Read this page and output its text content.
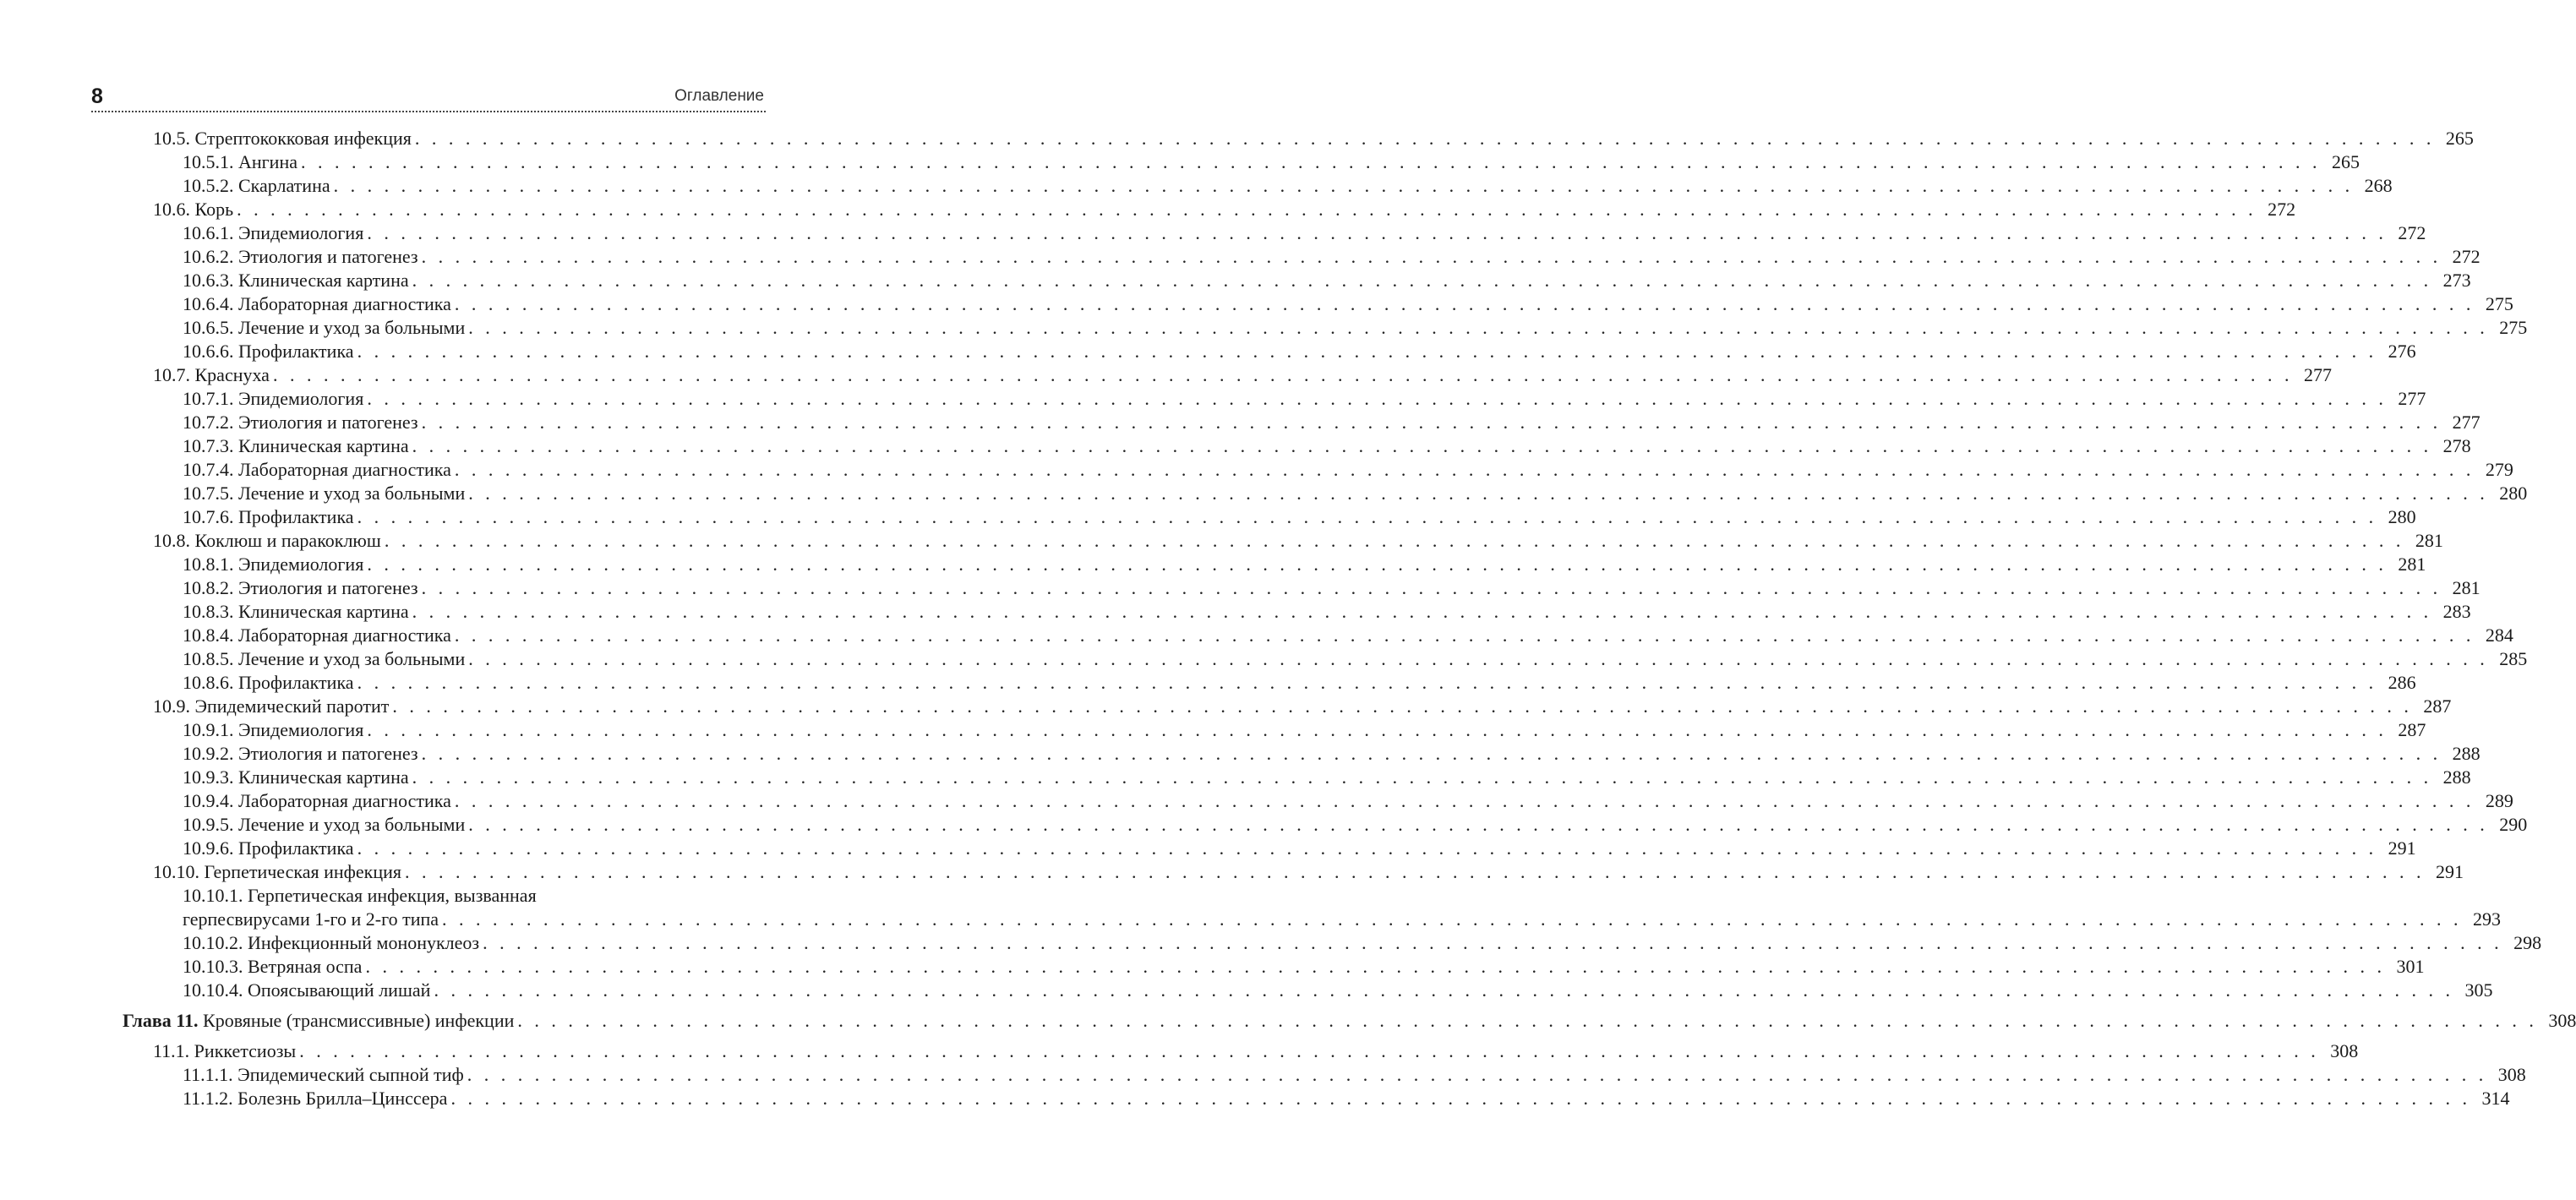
8	Оглавление
10.5. Стрептококковая инфекция . . . . . . . . . . . . . . . . . . . . . . . . . . . . . . . . . . . . . . . . . . . . . . . . . . . . . . . . . . . . . . . . . . . . . . . . . . . . . . . . . . . . . . . . . . . . . . . . . . . . . . . . . . . . . . . . . . . . . . . . 265
10.5.1. Ангина . . . . . . . . . . . . . . . . . . . . . . . . . . . . . . . . . . . . . . . . . . . . . . . . . . . . . . . . . . . . . . . . . . . . . . . . . . . . . . . . . . . . . . . . . . . . . . . . . . . . . . . . . . . . . . . . . . . . . . . . 265
10.5.2. Скарлатина . . . . . . . . . . . . . . . . . . . . . . . . . . . . . . . . . . . . . . . . . . . . . . . . . . . . . . . . . . . . . . . . . . . . . . . . . . . . . . . . . . . . . . . . . . . . . . . . . . . . . . . . . . . . . . . . . . . . . . . . 268
10.6. Корь . . . . . . . . . . . . . . . . . . . . . . . . . . . . . . . . . . . . . . . . . . . . . . . . . . . . . . . . . . . . . . . . . . . . . . . . . . . . . . . . . . . . . . . . . . . . . . . . . . . . . . . . . . . . . . . . . . . . . . . . 272
10.6.1. Эпидемиология . . . . . . . . . . . . . . . . . . . . . . . . . . . . . . . . . . . . . . . . . . . . . . . . . . . . . . . . . . . . . . . . . . . . . . . . . . . . . . . . . . . . . . . . . . . . . . . . . . . . . . . . . . . . . . . . . . . . . . . . 272
10.6.2. Этиология и патогенез . . . . . . . . . . . . . . . . . . . . . . . . . . . . . . . . . . . . . . . . . . . . . . . . . . . . . . . . . . . . . . . . . . . . . . . . . . . . . . . . . . . . . . . . . . . . . . . . . . . . . . . . . . . . . . . . . . . . . . . . 272
10.6.3. Клиническая картина . . . . . . . . . . . . . . . . . . . . . . . . . . . . . . . . . . . . . . . . . . . . . . . . . . . . . . . . . . . . . . . . . . . . . . . . . . . . . . . . . . . . . . . . . . . . . . . . . . . . . . . . . . . . . . . . . . . . . . . . 273
10.6.4. Лабораторная диагностика . . . . . . . . . . . . . . . . . . . . . . . . . . . . . . . . . . . . . . . . . . . . . . . . . . . . . . . . . . . . . . . . . . . . . . . . . . . . . . . . . . . . . . . . . . . . . . . . . . . . . . . . . . . . . . . . . . . . . . . . 275
10.6.5. Лечение и уход за больными . . . . . . . . . . . . . . . . . . . . . . . . . . . . . . . . . . . . . . . . . . . . . . . . . . . . . . . . . . . . . . . . . . . . . . . . . . . . . . . . . . . . . . . . . . . . . . . . . . . . . . . . . . . . . . . . . . . . . . . . 275
10.6.6. Профилактика . . . . . . . . . . . . . . . . . . . . . . . . . . . . . . . . . . . . . . . . . . . . . . . . . . . . . . . . . . . . . . . . . . . . . . . . . . . . . . . . . . . . . . . . . . . . . . . . . . . . . . . . . . . . . . . . . . . . . . . . 276
10.7. Краснуха . . . . . . . . . . . . . . . . . . . . . . . . . . . . . . . . . . . . . . . . . . . . . . . . . . . . . . . . . . . . . . . . . . . . . . . . . . . . . . . . . . . . . . . . . . . . . . . . . . . . . . . . . . . . . . . . . . . . . . . . 277
10.7.1. Эпидемиология . . . . . . . . . . . . . . . . . . . . . . . . . . . . . . . . . . . . . . . . . . . . . . . . . . . . . . . . . . . . . . . . . . . . . . . . . . . . . . . . . . . . . . . . . . . . . . . . . . . . . . . . . . . . . . . . . . . . . . . . 277
10.7.2. Этиология и патогенез . . . . . . . . . . . . . . . . . . . . . . . . . . . . . . . . . . . . . . . . . . . . . . . . . . . . . . . . . . . . . . . . . . . . . . . . . . . . . . . . . . . . . . . . . . . . . . . . . . . . . . . . . . . . . . . . . . . . . . . . 277
10.7.3. Клиническая картина . . . . . . . . . . . . . . . . . . . . . . . . . . . . . . . . . . . . . . . . . . . . . . . . . . . . . . . . . . . . . . . . . . . . . . . . . . . . . . . . . . . . . . . . . . . . . . . . . . . . . . . . . . . . . . . . . . . . . . . . 278
10.7.4. Лабораторная диагностика . . . . . . . . . . . . . . . . . . . . . . . . . . . . . . . . . . . . . . . . . . . . . . . . . . . . . . . . . . . . . . . . . . . . . . . . . . . . . . . . . . . . . . . . . . . . . . . . . . . . . . . . . . . . . . . . . . . . . . . . 279
10.7.5. Лечение и уход за больными . . . . . . . . . . . . . . . . . . . . . . . . . . . . . . . . . . . . . . . . . . . . . . . . . . . . . . . . . . . . . . . . . . . . . . . . . . . . . . . . . . . . . . . . . . . . . . . . . . . . . . . . . . . . . . . . . . . . . . . . 280
10.7.6. Профилактика . . . . . . . . . . . . . . . . . . . . . . . . . . . . . . . . . . . . . . . . . . . . . . . . . . . . . . . . . . . . . . . . . . . . . . . . . . . . . . . . . . . . . . . . . . . . . . . . . . . . . . . . . . . . . . . . . . . . . . . . 280
10.8. Коклюш и паракоклюш . . . . . . . . . . . . . . . . . . . . . . . . . . . . . . . . . . . . . . . . . . . . . . . . . . . . . . . . . . . . . . . . . . . . . . . . . . . . . . . . . . . . . . . . . . . . . . . . . . . . . . . . . . . . . . . . . . . . . . . . 281
10.8.1. Эпидемиология . . . . . . . . . . . . . . . . . . . . . . . . . . . . . . . . . . . . . . . . . . . . . . . . . . . . . . . . . . . . . . . . . . . . . . . . . . . . . . . . . . . . . . . . . . . . . . . . . . . . . . . . . . . . . . . . . . . . . . . . 281
10.8.2. Этиология и патогенез . . . . . . . . . . . . . . . . . . . . . . . . . . . . . . . . . . . . . . . . . . . . . . . . . . . . . . . . . . . . . . . . . . . . . . . . . . . . . . . . . . . . . . . . . . . . . . . . . . . . . . . . . . . . . . . . . . . . . . . . 281
10.8.3. Клиническая картина . . . . . . . . . . . . . . . . . . . . . . . . . . . . . . . . . . . . . . . . . . . . . . . . . . . . . . . . . . . . . . . . . . . . . . . . . . . . . . . . . . . . . . . . . . . . . . . . . . . . . . . . . . . . . . . . . . . . . . . . 283
10.8.4. Лабораторная диагностика . . . . . . . . . . . . . . . . . . . . . . . . . . . . . . . . . . . . . . . . . . . . . . . . . . . . . . . . . . . . . . . . . . . . . . . . . . . . . . . . . . . . . . . . . . . . . . . . . . . . . . . . . . . . . . . . . . . . . . . . 284
10.8.5. Лечение и уход за больными . . . . . . . . . . . . . . . . . . . . . . . . . . . . . . . . . . . . . . . . . . . . . . . . . . . . . . . . . . . . . . . . . . . . . . . . . . . . . . . . . . . . . . . . . . . . . . . . . . . . . . . . . . . . . . . . . . . . . . . . 285
10.8.6. Профилактика . . . . . . . . . . . . . . . . . . . . . . . . . . . . . . . . . . . . . . . . . . . . . . . . . . . . . . . . . . . . . . . . . . . . . . . . . . . . . . . . . . . . . . . . . . . . . . . . . . . . . . . . . . . . . . . . . . . . . . . . 286
10.9. Эпидемический паротит . . . . . . . . . . . . . . . . . . . . . . . . . . . . . . . . . . . . . . . . . . . . . . . . . . . . . . . . . . . . . . . . . . . . . . . . . . . . . . . . . . . . . . . . . . . . . . . . . . . . . . . . . . . . . . . . . . . . . . . . 287
10.9.1. Эпидемиология . . . . . . . . . . . . . . . . . . . . . . . . . . . . . . . . . . . . . . . . . . . . . . . . . . . . . . . . . . . . . . . . . . . . . . . . . . . . . . . . . . . . . . . . . . . . . . . . . . . . . . . . . . . . . . . . . . . . . . . . 287
10.9.2. Этиология и патогенез . . . . . . . . . . . . . . . . . . . . . . . . . . . . . . . . . . . . . . . . . . . . . . . . . . . . . . . . . . . . . . . . . . . . . . . . . . . . . . . . . . . . . . . . . . . . . . . . . . . . . . . . . . . . . . . . . . . . . . . . 288
10.9.3. Клиническая картина . . . . . . . . . . . . . . . . . . . . . . . . . . . . . . . . . . . . . . . . . . . . . . . . . . . . . . . . . . . . . . . . . . . . . . . . . . . . . . . . . . . . . . . . . . . . . . . . . . . . . . . . . . . . . . . . . . . . . . . . 288
10.9.4. Лабораторная диагностика . . . . . . . . . . . . . . . . . . . . . . . . . . . . . . . . . . . . . . . . . . . . . . . . . . . . . . . . . . . . . . . . . . . . . . . . . . . . . . . . . . . . . . . . . . . . . . . . . . . . . . . . . . . . . . . . . . . . . . . . 289
10.9.5. Лечение и уход за больными . . . . . . . . . . . . . . . . . . . . . . . . . . . . . . . . . . . . . . . . . . . . . . . . . . . . . . . . . . . . . . . . . . . . . . . . . . . . . . . . . . . . . . . . . . . . . . . . . . . . . . . . . . . . . . . . . . . . . . . . 290
10.9.6. Профилактика . . . . . . . . . . . . . . . . . . . . . . . . . . . . . . . . . . . . . . . . . . . . . . . . . . . . . . . . . . . . . . . . . . . . . . . . . . . . . . . . . . . . . . . . . . . . . . . . . . . . . . . . . . . . . . . . . . . . . . . . 291
10.10. Герпетическая инфекция . . . . . . . . . . . . . . . . . . . . . . . . . . . . . . . . . . . . . . . . . . . . . . . . . . . . . . . . . . . . . . . . . . . . . . . . . . . . . . . . . . . . . . . . . . . . . . . . . . . . . . . . . . . . . . . . . . . . . . . . 291
10.10.1. Герпетическая инфекция, вызванная
герпесвирусами 1-го и 2-го типа . . . . . . . . . . . . . . . . . . . . . . . . . . . . . . . . . . . . . . . . . . . . . . . . . . . . . . . . . . . . . . . . . . . . . . . . . . . . . . . . . . . . . . . . . . . . . . . . . . . . . . . . . . . . . . . . . . . . . . . . 293
10.10.2. Инфекционный мононуклеоз . . . . . . . . . . . . . . . . . . . . . . . . . . . . . . . . . . . . . . . . . . . . . . . . . . . . . . . . . . . . . . . . . . . . . . . . . . . . . . . . . . . . . . . . . . . . . . . . . . . . . . . . . . . . . . . . . . . . . . . . 298
10.10.3. Ветряная оспа . . . . . . . . . . . . . . . . . . . . . . . . . . . . . . . . . . . . . . . . . . . . . . . . . . . . . . . . . . . . . . . . . . . . . . . . . . . . . . . . . . . . . . . . . . . . . . . . . . . . . . . . . . . . . . . . . . . . . . . . 301
10.10.4. Опоясывающий лишай . . . . . . . . . . . . . . . . . . . . . . . . . . . . . . . . . . . . . . . . . . . . . . . . . . . . . . . . . . . . . . . . . . . . . . . . . . . . . . . . . . . . . . . . . . . . . . . . . . . . . . . . . . . . . . . . . . . . . . . . 305
Глава 11. Кровяные (трансмиссивные) инфекции . . . . . . . . . . . . . . . . . . . . . . . . . . . . . . . . . . . . . . . . . . . . . . . . . . . . . . . . . . . . . . . . . . . . . . . . . . . . . . . . . . . . . . . . . . . . . . . . . . . . . . . . . . . . . . . . . . . . . . . . 308
11.1. Риккетсиозы . . . . . . . . . . . . . . . . . . . . . . . . . . . . . . . . . . . . . . . . . . . . . . . . . . . . . . . . . . . . . . . . . . . . . . . . . . . . . . . . . . . . . . . . . . . . . . . . . . . . . . . . . . . . . . . . . . . . . . . . 308
11.1.1. Эпидемический сыпной тиф . . . . . . . . . . . . . . . . . . . . . . . . . . . . . . . . . . . . . . . . . . . . . . . . . . . . . . . . . . . . . . . . . . . . . . . . . . . . . . . . . . . . . . . . . . . . . . . . . . . . . . . . . . . . . . . . . . . . . . . . 308
11.1.2. Болезнь Брилла–Цинссера . . . . . . . . . . . . . . . . . . . . . . . . . . . . . . . . . . . . . . . . . . . . . . . . . . . . . . . . . . . . . . . . . . . . . . . . . . . . . . . . . . . . . . . . . . . . . . . . . . . . . . . . . . . . . . . . . . . . . . . . 314
